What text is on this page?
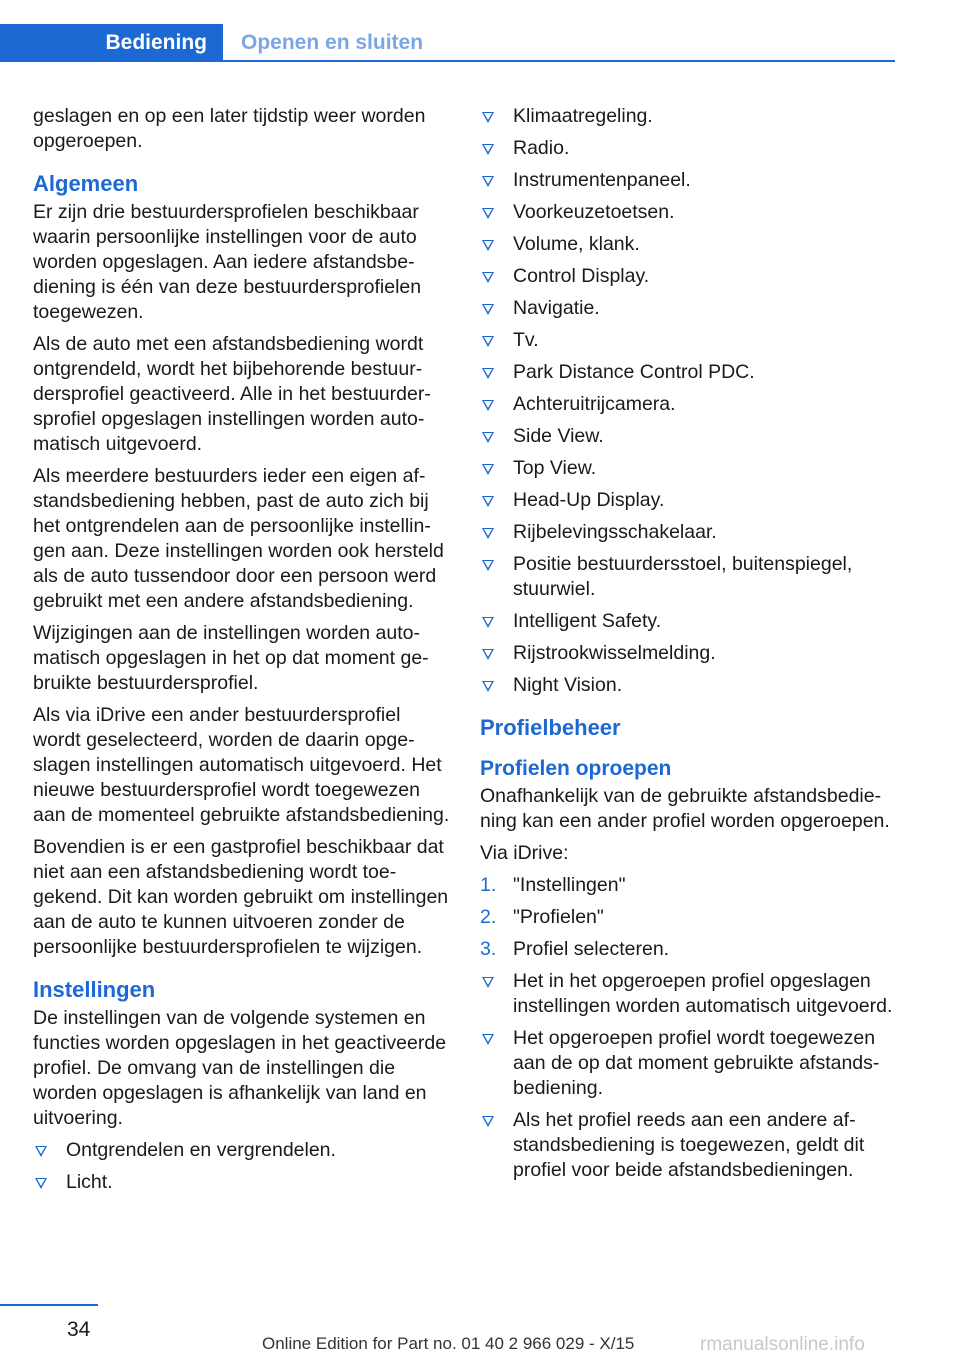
Bediening	Openen en sluiten

geslagen en op een later tijdstip weer worden opgeroepen.

Algemeen

Er zijn drie bestuurdersprofielen beschikbaar waarin persoonlijke instellingen voor de auto worden opgeslagen. Aan iedere afstandsbediening is één van deze bestuurdersprofielen toegewezen.

Als de auto met een afstandsbediening wordt ontgrendeld, wordt het bijbehorende bestuurdersprofiel geactiveerd. Alle in het bestuurdersprofiel opgeslagen instellingen worden automatisch uitgevoerd.

Als meerdere bestuurders ieder een eigen afstandsbediening hebben, past de auto zich bij het ontgrendelen aan de persoonlijke instellingen aan. Deze instellingen worden ook hersteld als de auto tussendoor door een persoon werd gebruikt met een andere afstandsbediening.

Wijzigingen aan de instellingen worden automatisch opgeslagen in het op dat moment gebruikte bestuurdersprofiel.

Als via iDrive een ander bestuurdersprofiel wordt geselecteerd, worden de daarin opgeslagen instellingen automatisch uitgevoerd. Het nieuwe bestuurdersprofiel wordt toegewezen aan de momenteel gebruikte afstandsbediening.

Bovendien is er een gastprofiel beschikbaar dat niet aan een afstandsbediening wordt toegekend. Dit kan worden gebruikt om instellingen aan de auto te kunnen uitvoeren zonder de persoonlijke bestuurdersprofielen te wijzigen.

Instellingen

De instellingen van de volgende systemen en functies worden opgeslagen in het geactiveerde profiel. De omvang van de instellingen die worden opgeslagen is afhankelijk van land en uitvoering.

Ontgrendelen en vergrendelen.
Licht.
Klimaatregeling.
Radio.
Instrumentenpaneel.
Voorkeuzetoetsen.
Volume, klank.
Control Display.
Navigatie.
Tv.
Park Distance Control PDC.
Achteruitrijcamera.
Side View.
Top View.
Head-Up Display.
Rijbelevingsschakelaar.
Positie bestuurdersstoel, buitenspiegel, stuurwiel.
Intelligent Safety.
Rijstrookwisselmelding.
Night Vision.
Profielbeheer
Profielen oproepen

Onafhankelijk van de gebruikte afstandsbediening kan een ander profiel worden opgeroepen.

Via iDrive:

1. "Instellingen"
2. "Profielen"
3. Profiel selecteren.
Het in het opgeroepen profiel opgeslagen instellingen worden automatisch uitgevoerd.
Het opgeroepen profiel wordt toegewezen aan de op dat moment gebruikte afstandsbediening.
Als het profiel reeds aan een andere afstandsbediening is toegewezen, geldt dit profiel voor beide afstandsbedieningen.
34
Online Edition for Part no. 01 40 2 966 029 - X/15	rmanualsonline.info
